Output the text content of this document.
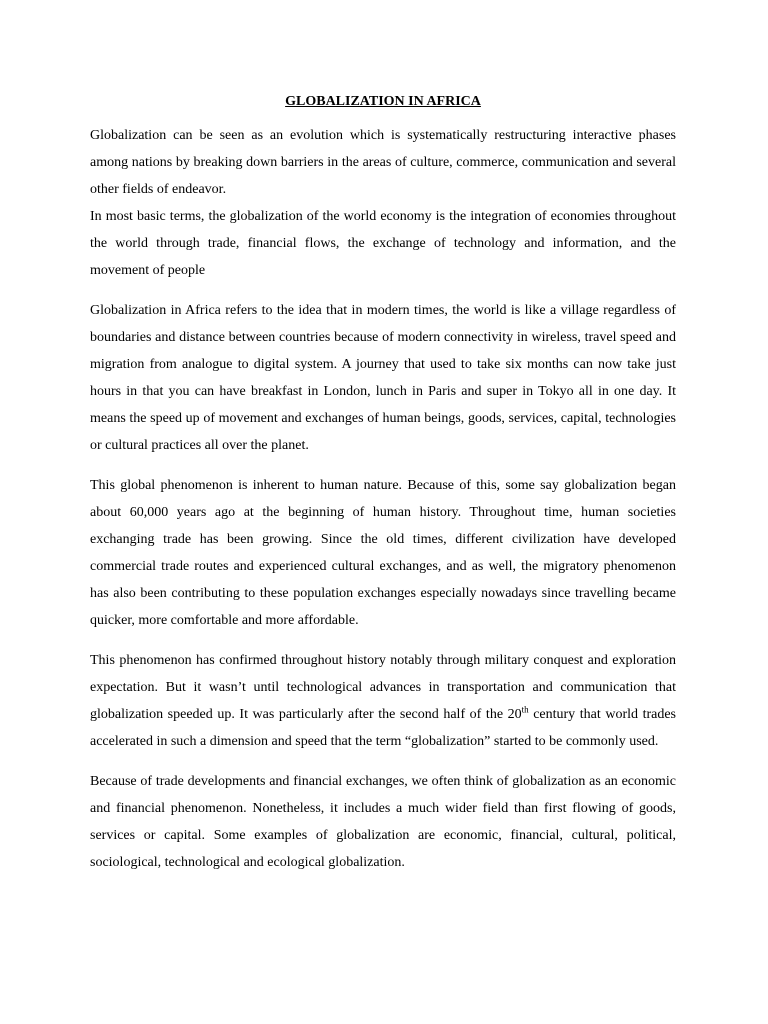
GLOBALIZATION IN AFRICA

Globalization can be seen as an evolution which is systematically restructuring interactive phases among nations by breaking down barriers in the areas of culture, commerce, communication and several other fields of endeavor.

In most basic terms, the globalization of the world economy is the integration of economies throughout the world through trade, financial flows, the exchange of technology and information, and the movement of people

Globalization in Africa refers to the idea that in modern times, the world is like a village regardless of boundaries and distance between countries because of modern connectivity in wireless, travel speed and migration from analogue to digital system. A journey that used to take six months can now take just hours in that you can have breakfast in London, lunch in Paris and super in Tokyo all in one day. It means the speed up of movement and exchanges of human beings, goods, services, capital, technologies or cultural practices all over the planet.

This global phenomenon is inherent to human nature. Because of this, some say globalization began about 60,000 years ago at the beginning of human history. Throughout time, human societies exchanging trade has been growing. Since the old times, different civilization have developed commercial trade routes and experienced cultural exchanges, and as well, the migratory phenomenon has also been contributing to these population exchanges especially nowadays since travelling became quicker, more comfortable and more affordable.

This phenomenon has confirmed throughout history notably through military conquest and exploration expectation. But it wasn’t until technological advances in transportation and communication that globalization speeded up. It was particularly after the second half of the 20th century that world trades accelerated in such a dimension and speed that the term “globalization” started to be commonly used.

Because of trade developments and financial exchanges, we often think of globalization as an economic and financial phenomenon. Nonetheless, it includes a much wider field than first flowing of goods, services or capital. Some examples of globalization are economic, financial, cultural, political, sociological, technological and ecological globalization.
